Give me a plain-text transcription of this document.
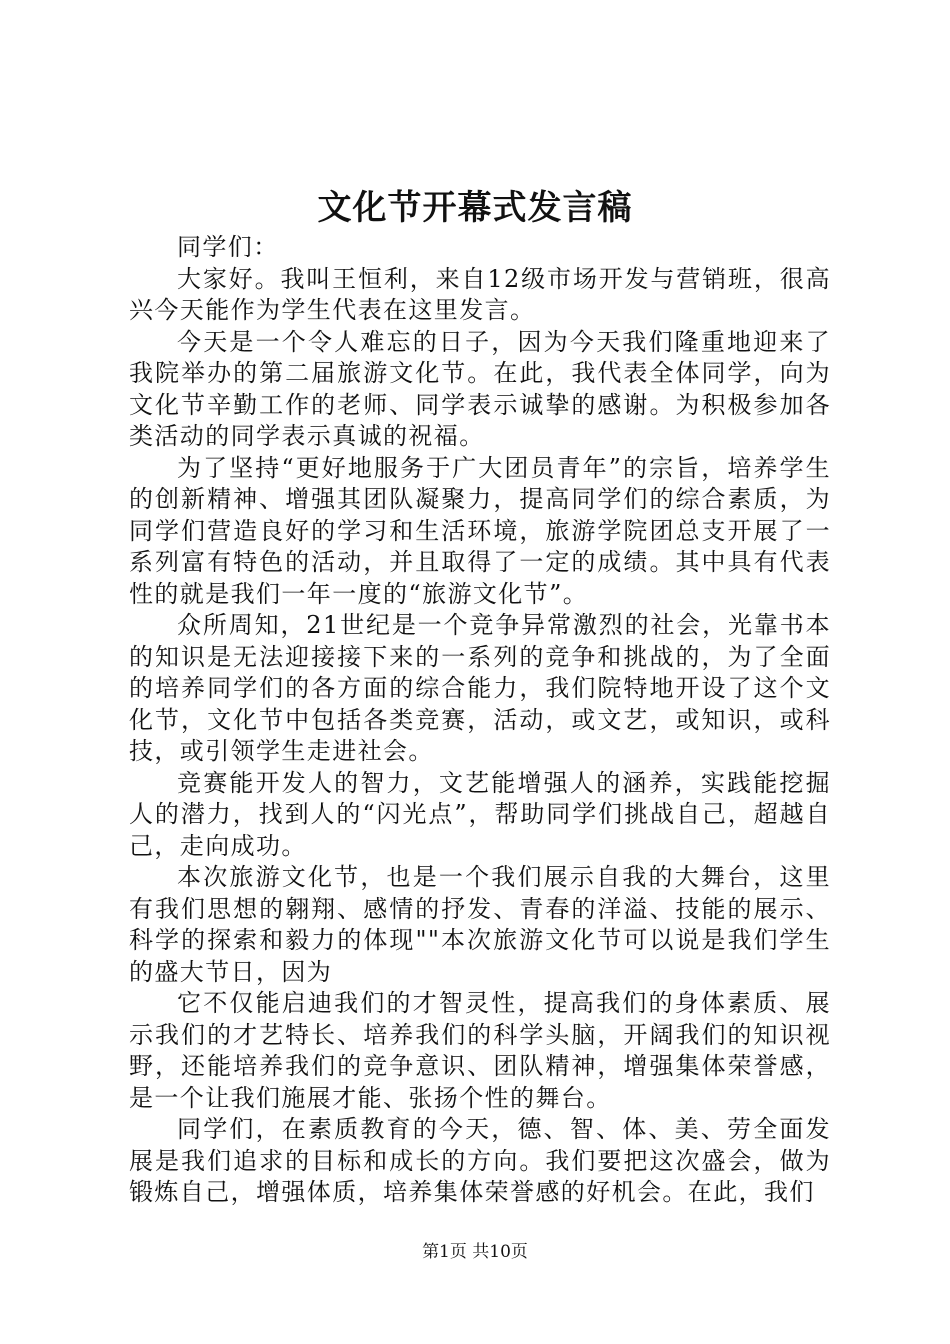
文化节开幕式发言稿

同学们：

大家好。我叫王恒利，来自12级市场开发与营销班，很高兴今天能作为学生代表在这里发言。

今天是一个令人难忘的日子，因为今天我们隆重地迎来了我院举办的第二届旅游文化节。在此，我代表全体同学，向为文化节辛勤工作的老师、同学表示诚挚的感谢。为积极参加各类活动的同学表示真诚的祝福。

为了坚持“更好地服务于广大团员青年”的宗旨，培养学生的创新精神、增强其团队凝聚力，提高同学们的综合素质，为同学们营造良好的学习和生活环境，旅游学院团总支开展了一系列富有特色的活动，并且取得了一定的成绩。其中具有代表性的就是我们一年一度的“旅游文化节”。

众所周知，21世纪是一个竞争异常激烈的社会，光靠书本的知识是无法迎接接下来的一系列的竞争和挑战的，为了全面的培养同学们的各方面的综合能力，我们院特地开设了这个文化节，文化节中包括各类竞赛，活动，或文艺，或知识，或科技，或引领学生走进社会。

竞赛能开发人的智力，文艺能增强人的涵养，实践能挖掘人的潜力，找到人的“闪光点”，帮助同学们挑战自己，超越自己，走向成功。

本次旅游文化节，也是一个我们展示自我的大舞台，这里有我们思想的翱翔、感情的抒发、青春的洋溢、技能的展示、科学的探索和毅力的体现""本次旅游文化节可以说是我们学生的盛大节日，因为

它不仅能启迪我们的才智灵性，提高我们的身体素质、展示我们的才艺特长、培养我们的科学头脑，开阔我们的知识视野，还能培养我们的竞争意识、团队精神，增强集体荣誉感，是一个让我们施展才能、张扬个性的舞台。

同学们，在素质教育的今天，德、智、体、美、劳全面发展是我们追求的目标和成长的方向。我们要把这次盛会，做为锻炼自己，增强体质，培养集体荣誉感的好机会。在此，我们

第1页 共10页
